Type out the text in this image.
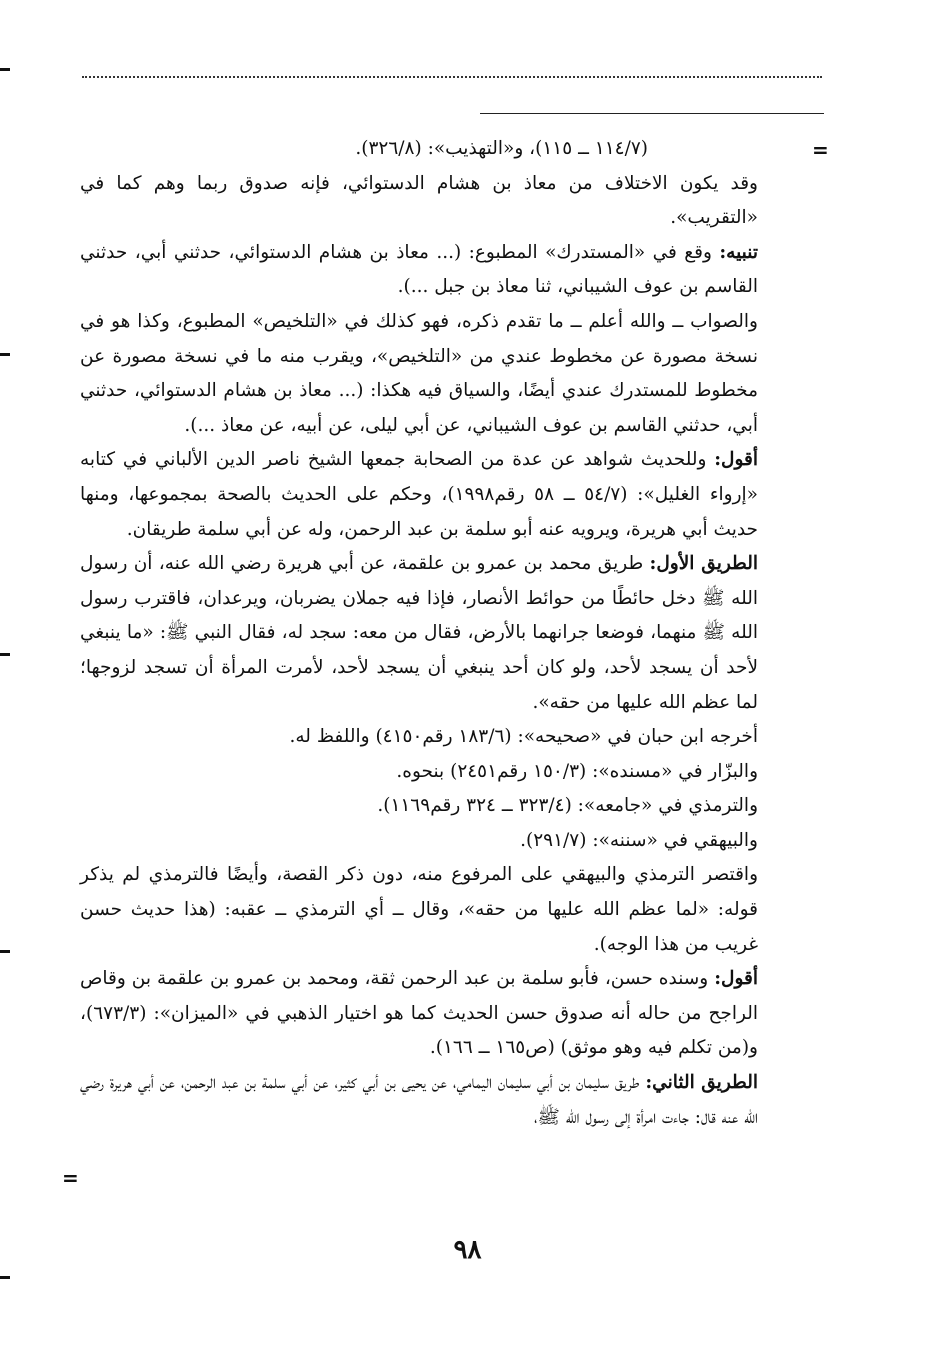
=
=

(١١٤/٧ ــ ١١٥)، و«التهذيب»: (٣٢٦/٨).

وقد يكون الاختلاف من معاذ بن هشام الدستوائي، فإنه صدوق ربما وهم كما في «التقريب».

تنبيه: وقع في «المستدرك» المطبوع: (... معاذ بن هشام الدستوائي، حدثني أبي، حدثني القاسم بن عوف الشيباني، ثنا معاذ بن جبل ...).

والصواب ــ والله أعلم ــ ما تقدم ذكره، فهو كذلك في «التلخيص» المطبوع، وكذا هو في نسخة مصورة عن مخطوط عندي من «التلخيص»، ويقرب منه ما في نسخة مصورة عن مخطوط للمستدرك عندي أيضًا، والسياق فيه هكذا: (... معاذ بن هشام الدستوائي، حدثني أبي، حدثني القاسم بن عوف الشيباني، عن أبي ليلى، عن أبيه، عن معاذ ...).

أقول: وللحديث شواهد عن عدة من الصحابة جمعها الشيخ ناصر الدين الألباني في كتابه «إرواء الغليل»: (٥٤/٧ ــ ٥٨ رقم١٩٩٨)، وحكم على الحديث بالصحة بمجموعها، ومنها حديث أبي هريرة، ويرويه عنه أبو سلمة بن عبد الرحمن، وله عن أبي سلمة طريقان.

الطريق الأول: طريق محمد بن عمرو بن علقمة، عن أبي هريرة رضي الله عنه، أن رسول الله ﷺ دخل حائطًا من حوائط الأنصار، فإذا فيه جملان يضربان، ويرعدان، فاقترب رسول الله ﷺ منهما، فوضعا جرانهما بالأرض، فقال من معه: سجد له، فقال النبي ﷺ: «ما ينبغي لأحد أن يسجد لأحد، ولو كان أحد ينبغي أن يسجد لأحد، لأمرت المرأة أن تسجد لزوجها؛ لما عظم الله عليها من حقه».

أخرجه ابن حبان في «صحيحه»: (١٨٣/٦ رقم٤١٥٠) واللفظ له.

والبزّار في «مسنده»: (١٥٠/٣ رقم٢٤٥١) بنحوه.

والترمذي في «جامعه»: (٣٢٣/٤ ــ ٣٢٤ رقم١١٦٩).

والبيهقي في «سننه»: (٢٩١/٧).

واقتصر الترمذي والبيهقي على المرفوع منه، دون ذكر القصة، وأيضًا فالترمذي لم يذكر قوله: «لما عظم الله عليها من حقه»، وقال ــ أي الترمذي ــ عقبه: (هذا حديث حسن غريب من هذا الوجه).

أقول: وسنده حسن، فأبو سلمة بن عبد الرحمن ثقة، ومحمد بن عمرو بن علقمة بن وقاص الراجح من حاله أنه صدوق حسن الحديث كما هو اختيار الذهبي في «الميزان»: (٦٧٣/٣)، و(من تكلم فيه وهو موثق) (ص١٦٥ ــ ١٦٦).

الطريق الثاني: طريق سليمان بن أبي سليمان اليمامي، عن يحيى بن أبي كثير، عن أبي سلمة بن عبد الرحمن، عن أبي هريرة رضي الله عنه قال: جاءت امرأة إلى رسول الله ﷺ،

٩٨
